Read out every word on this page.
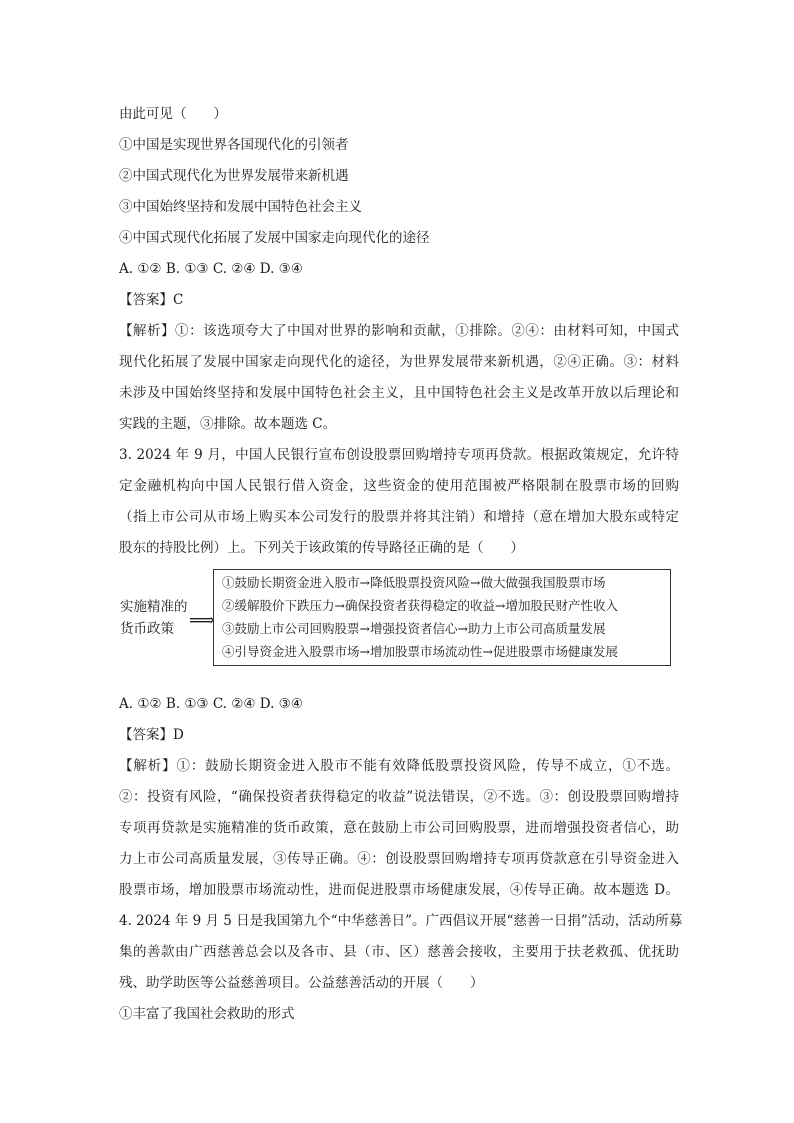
由此可见（　　）
①中国是实现世界各国现代化的引领者
②中国式现代化为世界发展带来新机遇
③中国始终坚持和发展中国特色社会主义
④中国式现代化拓展了发展中国家走向现代化的途径
A. ①② B. ①③ C. ②④ D. ③④
【答案】C
【解析】①：该选项夸大了中国对世界的影响和贡献，①排除。②④：由材料可知，中国式
现代化拓展了发展中国家走向现代化的途径，为世界发展带来新机遇，②④正确。③：材料
未涉及中国始终坚持和发展中国特色社会主义，且中国特色社会主义是改革开放以后理论和
实践的主题，③排除。故本题选 C。
3. 2024 年 9 月，中国人民银行宣布创设股票回购增持专项再贷款。根据政策规定，允许特
定金融机构向中国人民银行借入资金，这些资金的使用范围被严格限制在股票市场的回购
（指上市公司从市场上购买本公司发行的股票并将其注销）和增持（意在增加大股东或特定
股东的持股比例）上。下列关于该政策的传导路径正确的是（　　）
实施精准的
货币政策 ⟹
①鼓励长期资金进入股市→降低股票投资风险→做大做强我国股票市场
②缓解股价下跌压力→确保投资者获得稳定的收益→增加股民财产性收入
③鼓励上市公司回购股票→增强投资者信心→助力上市公司高质量发展
④引导资金进入股票市场→增加股票市场流动性→促进股票市场健康发展
A. ①② B. ①③ C. ②④ D. ③④
【答案】D
【解析】①：鼓励长期资金进入股市不能有效降低股票投资风险，传导不成立，①不选。
②：投资有风险，“确保投资者获得稳定的收益”说法错误，②不选。③：创设股票回购增持
专项再贷款是实施精准的货币政策，意在鼓励上市公司回购股票，进而增强投资者信心，助
力上市公司高质量发展，③传导正确。④：创设股票回购增持专项再贷款意在引导资金进入
股票市场，增加股票市场流动性，进而促进股票市场健康发展，④传导正确。故本题选 D。
4. 2024 年 9 月 5 日是我国第九个“中华慈善日”。广西倡议开展“慈善一日捐”活动，活动所募
集的善款由广西慈善总会以及各市、县（市、区）慈善会接收，主要用于扶老救孤、优抚助
残、助学助医等公益慈善项目。公益慈善活动的开展（　　）
①丰富了我国社会救助的形式
